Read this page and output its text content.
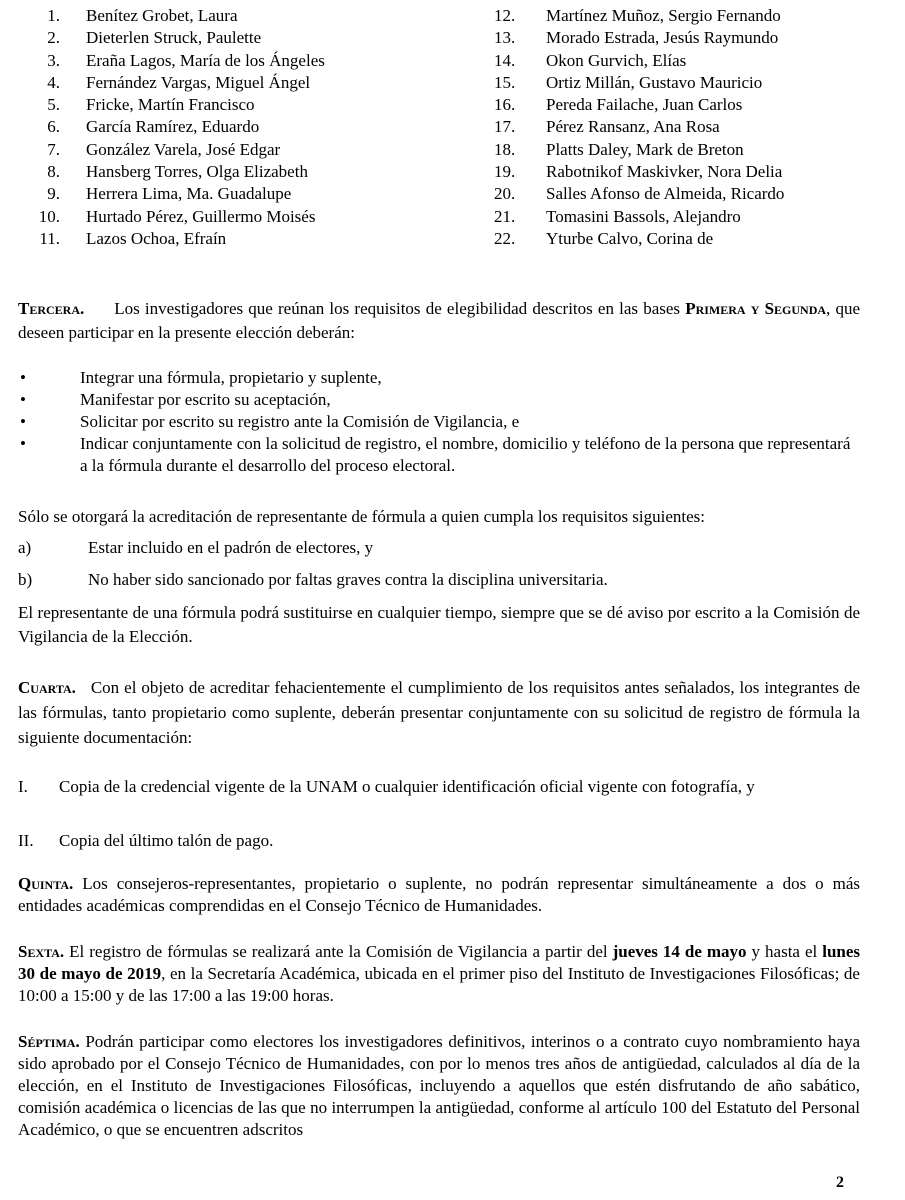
1. Benítez Grobet, Laura
2. Dieterlen Struck, Paulette
3. Eraña Lagos, María de los Ángeles
4. Fernández Vargas, Miguel Ángel
5. Fricke, Martín Francisco
6. García Ramírez, Eduardo
7. González Varela, José Edgar
8. Hansberg Torres, Olga Elizabeth
9. Herrera Lima, Ma. Guadalupe
10. Hurtado Pérez, Guillermo Moisés
11. Lazos Ochoa, Efraín
12. Martínez Muñoz, Sergio Fernando
13. Morado Estrada, Jesús Raymundo
14. Okon Gurvich, Elías
15. Ortiz Millán, Gustavo Mauricio
16. Pereda Failache, Juan Carlos
17. Pérez Ransanz, Ana Rosa
18. Platts Daley, Mark de Breton
19. Rabotnikof Maskivker, Nora Delia
20. Salles Afonso de Almeida, Ricardo
21. Tomasini Bassols, Alejandro
22. Yturbe Calvo, Corina de

Tercera. Los investigadores que reúnan los requisitos de elegibilidad descritos en las bases Primera y Segunda, que deseen participar en la presente elección deberán:

•	Integrar una fórmula, propietario y suplente,
•	Manifestar por escrito su aceptación,
•	Solicitar por escrito su registro ante la Comisión de Vigilancia, e
•	Indicar conjuntamente con la solicitud de registro, el nombre, domicilio y teléfono de la persona que representará a la fórmula durante el desarrollo del proceso electoral.

Sólo se otorgará la acreditación de representante de fórmula a quien cumpla los requisitos siguientes:

a)	Estar incluido en el padrón de electores, y
b)	No haber sido sancionado por faltas graves contra la disciplina universitaria.

El representante de una fórmula podrá sustituirse en cualquier tiempo, siempre que se dé aviso por escrito a la Comisión de Vigilancia de la Elección.

Cuarta. Con el objeto de acreditar fehacientemente el cumplimiento de los requisitos antes señalados, los integrantes de las fórmulas, tanto propietario como suplente, deberán presentar conjuntamente con su solicitud de registro de fórmula la siguiente documentación:

I. Copia de la credencial vigente de la UNAM o cualquier identificación oficial vigente con fotografía, y
II. Copia del último talón de pago.

Quinta. Los consejeros-representantes, propietario o suplente, no podrán representar simultáneamente a dos o más entidades académicas comprendidas en el Consejo Técnico de Humanidades.

Sexta. El registro de fórmulas se realizará ante la Comisión de Vigilancia a partir del jueves 14 de mayo y hasta el lunes 30 de mayo de 2019, en la Secretaría Académica, ubicada en el primer piso del Instituto de Investigaciones Filosóficas; de 10:00 a 15:00 y de las 17:00 a las 19:00 horas.

Séptima. Podrán participar como electores los investigadores definitivos, interinos o a contrato cuyo nombramiento haya sido aprobado por el Consejo Técnico de Humanidades, con por lo menos tres años de antigüedad, calculados al día de la elección, en el Instituto de Investigaciones Filosóficas, incluyendo a aquellos que estén disfrutando de año sabático, comisión académica o licencias de las que no interrumpen la antigüedad, conforme al artículo 100 del Estatuto del Personal Académico, o que se encuentren adscritos

2
